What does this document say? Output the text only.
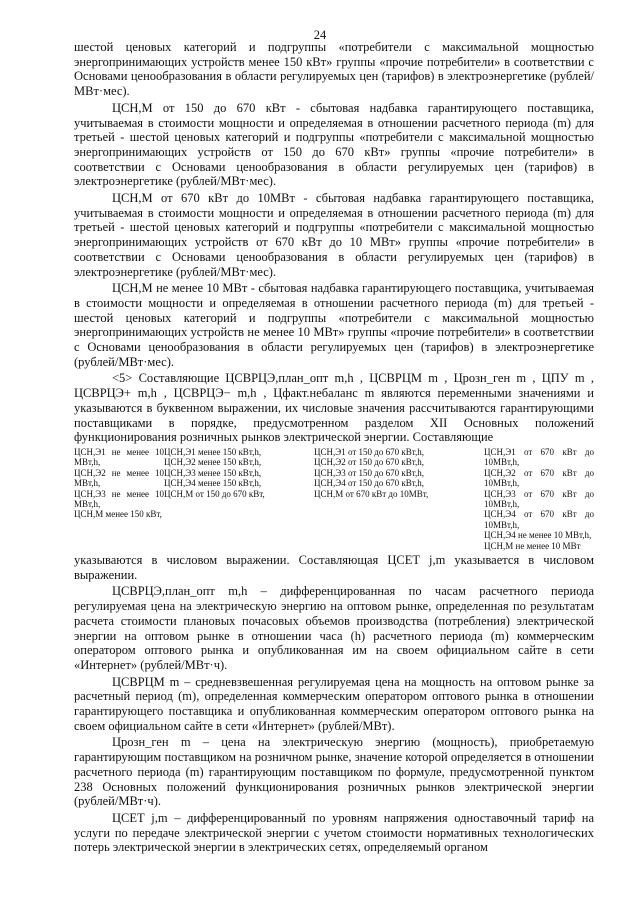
24

шестой ценовых категорий и подгруппы «потребители с максимальной мощностью энергопринимающих устройств менее 150 кВт» группы «прочие потребители» в соответствии с Основами ценообразования в области регулируемых цен (тарифов) в электроэнергетике (рублей/МВт·мес).

ЦСН,М от 150 до 670 кВт - сбытовая надбавка гарантирующего поставщика, учитываемая в стоимости мощности и определяемая в отношении расчетного периода (m) для третьей - шестой ценовых категорий и подгруппы «потребители с максимальной мощностью энергопринимающих устройств от 150 до 670 кВт» группы «прочие потребители» в соответствии с Основами ценообразования в области регулируемых цен (тарифов) в электроэнергетике (рублей/МВт·мес).

ЦСН,М от 670 кВт до 10МВт - сбытовая надбавка гарантирующего поставщика, учитываемая в стоимости мощности и определяемая в отношении расчетного периода (m) для третьей - шестой ценовых категорий и подгруппы «потребители с максимальной мощностью энергопринимающих устройств от 670 кВт до 10 МВт» группы «прочие потребители» в соответствии с Основами ценообразования в области регулируемых цен (тарифов) в электроэнергетике (рублей/МВт·мес).

ЦСН,М не менее 10 МВт - сбытовая надбавка гарантирующего поставщика, учитываемая в стоимости мощности и определяемая в отношении расчетного периода (m) для третьей - шестой ценовых категорий и подгруппы «потребители с максимальной мощностью энергопринимающих устройств не менее 10 МВт» группы «прочие потребители» в соответствии с Основами ценообразования в области регулируемых цен (тарифов) в электроэнергетике (рублей/МВт·мес).

<5> Составляющие ЦСВРЦЭ,план_опт m,h , ЦСВРЦМ m , Црозн_ген m , ЦПУ m , ЦСВРЦЭ+ m,h , ЦСВРЦЭ− m,h , Цфакт.небаланс m являются переменными значениями и указываются в буквенном выражении, их числовые значения рассчитываются гарантирующими поставщиками в порядке, предусмотренном разделом XII Основных положений функционирования розничных рынков электрической энергии. Составляющие

ЦСН,Э1 не менее 10 МВт,h,
ЦСН,Э2 не менее 10 МВт,h,
ЦСН,Э3 не менее 10 МВт,h,
ЦСН,М менее 150 кВт,
ЦСН,Э1 менее 150 кВт,h,
ЦСН,Э2 менее 150 кВт,h,
ЦСН,Э3 менее 150 кВт,h,
ЦСН,Э4 менее 150 кВт,h,
ЦСН,М от 150 до 670 кВт,
ЦСН,Э1 от 150 до 670 кВт,h,
ЦСН,Э2 от 150 до 670 кВт,h,
ЦСН,Э3 от 150 до 670 кВт,h,
ЦСН,Э4 от 150 до 670 кВт,h,
ЦСН,М от 670 кВт до 10МВт,
ЦСН,Э1 от 670 кВт до 10МВт,h,
ЦСН,Э2 от 670 кВт до 10МВт,h,
ЦСН,Э3 от 670 кВт до 10МВт,h,
ЦСН,Э4 от 670 кВт до 10МВт,h,
ЦСН,Э4 не менее 10 МВт,h,
ЦСН,М не менее 10 МВт

указываются в числовом выражении. Составляющая ЦСЕТ j,m указывается в числовом выражении.

ЦСВРЦЭ,план_опт m,h – дифференцированная по часам расчетного периода регулируемая цена на электрическую энергию на оптовом рынке, определенная по результатам расчета стоимости плановых почасовых объемов производства (потребления) электрической энергии на оптовом рынке в отношении часа (h) расчетного периода (m) коммерческим оператором оптового рынка и опубликованная им на своем официальном сайте в сети «Интернет» (рублей/МВт·ч).

ЦСВРЦМ m – средневзвешенная регулируемая цена на мощность на оптовом рынке за расчетный период (m), определенная коммерческим оператором оптового рынка в отношении гарантирующего поставщика и опубликованная коммерческим оператором оптового рынка на своем официальном сайте в сети «Интернет» (рублей/МВт).

Црозн_ген m – цена на электрическую энергию (мощность), приобретаемую гарантирующим поставщиком на розничном рынке, значение которой определяется в отношении расчетного периода (m) гарантирующим поставщиком по формуле, предусмотренной пунктом 238 Основных положений функционирования розничных рынков электрической энергии (рублей/МВт·ч).

ЦСЕТ j,m – дифференцированный по уровням напряжения одноставочный тариф на услуги по передаче электрической энергии с учетом стоимости нормативных технологических потерь электрической энергии в электрических сетях, определяемый органом
